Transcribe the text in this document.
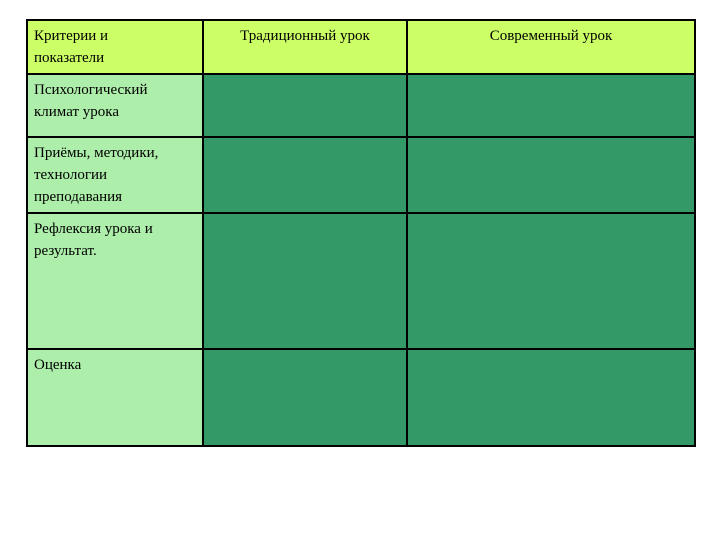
Критерии и
показатели	Традиционный урок	Современный урок
Психологический
климат урока		
Приёмы, методики,
технологии
преподавания		
Рефлексия урока и
результат.		
Оценка		
